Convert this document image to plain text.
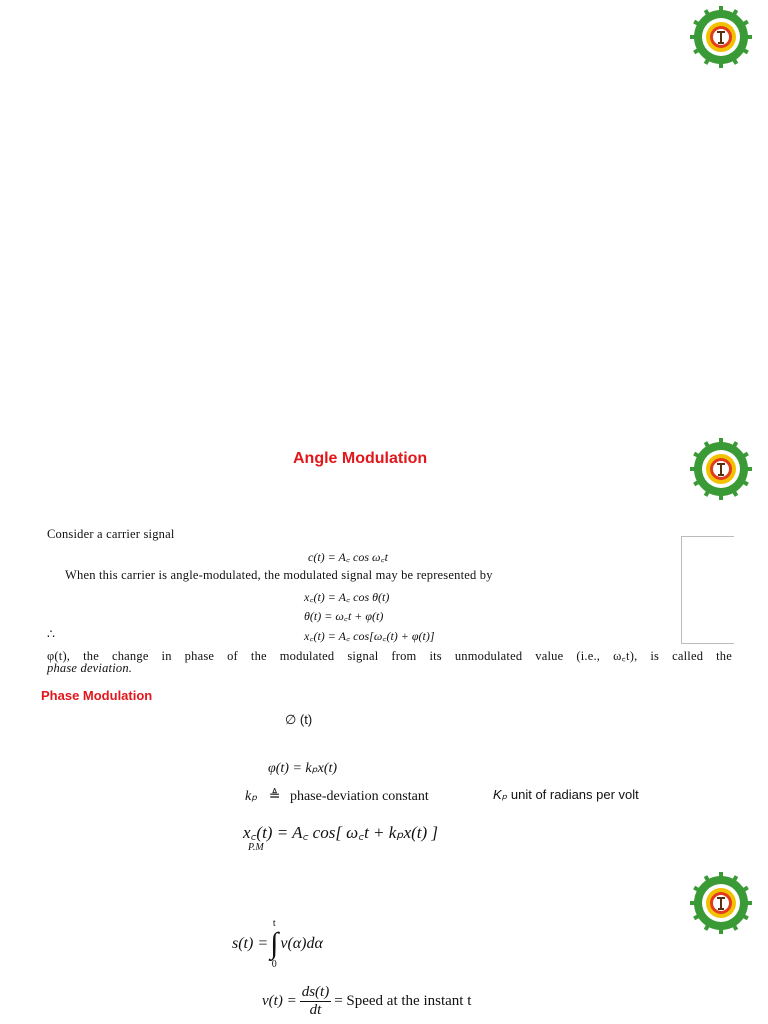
Angle Modulation
Consider a carrier signal
c(t) = A꜀ cos ω꜀t
When this carrier is angle-modulated, the modulated signal may be represented by
x꜀(t) = A꜀ cos θ(t)
θ(t) = ω꜀t + φ(t)
∴	x꜀(t) = A꜀ cos[ω꜀(t) + φ(t)]
φ(t), the change in phase of the modulated signal from its unmodulated value (i.e., ω꜀t), is called the
phase deviation.
Phase Modulation
∅ (t)
φ(t) = kₚx(t)
kₚ ≜ phase-deviation constant	Kₚ unit of radians per volt
x꜀(t) = A꜀ cos[ ω꜀t + kₚx(t) ]
P.M
s(t) =
t
∫
0
v(α)dα
$v(t) = \frac{ds(t)}{dt}$ = Speed at the instant t
